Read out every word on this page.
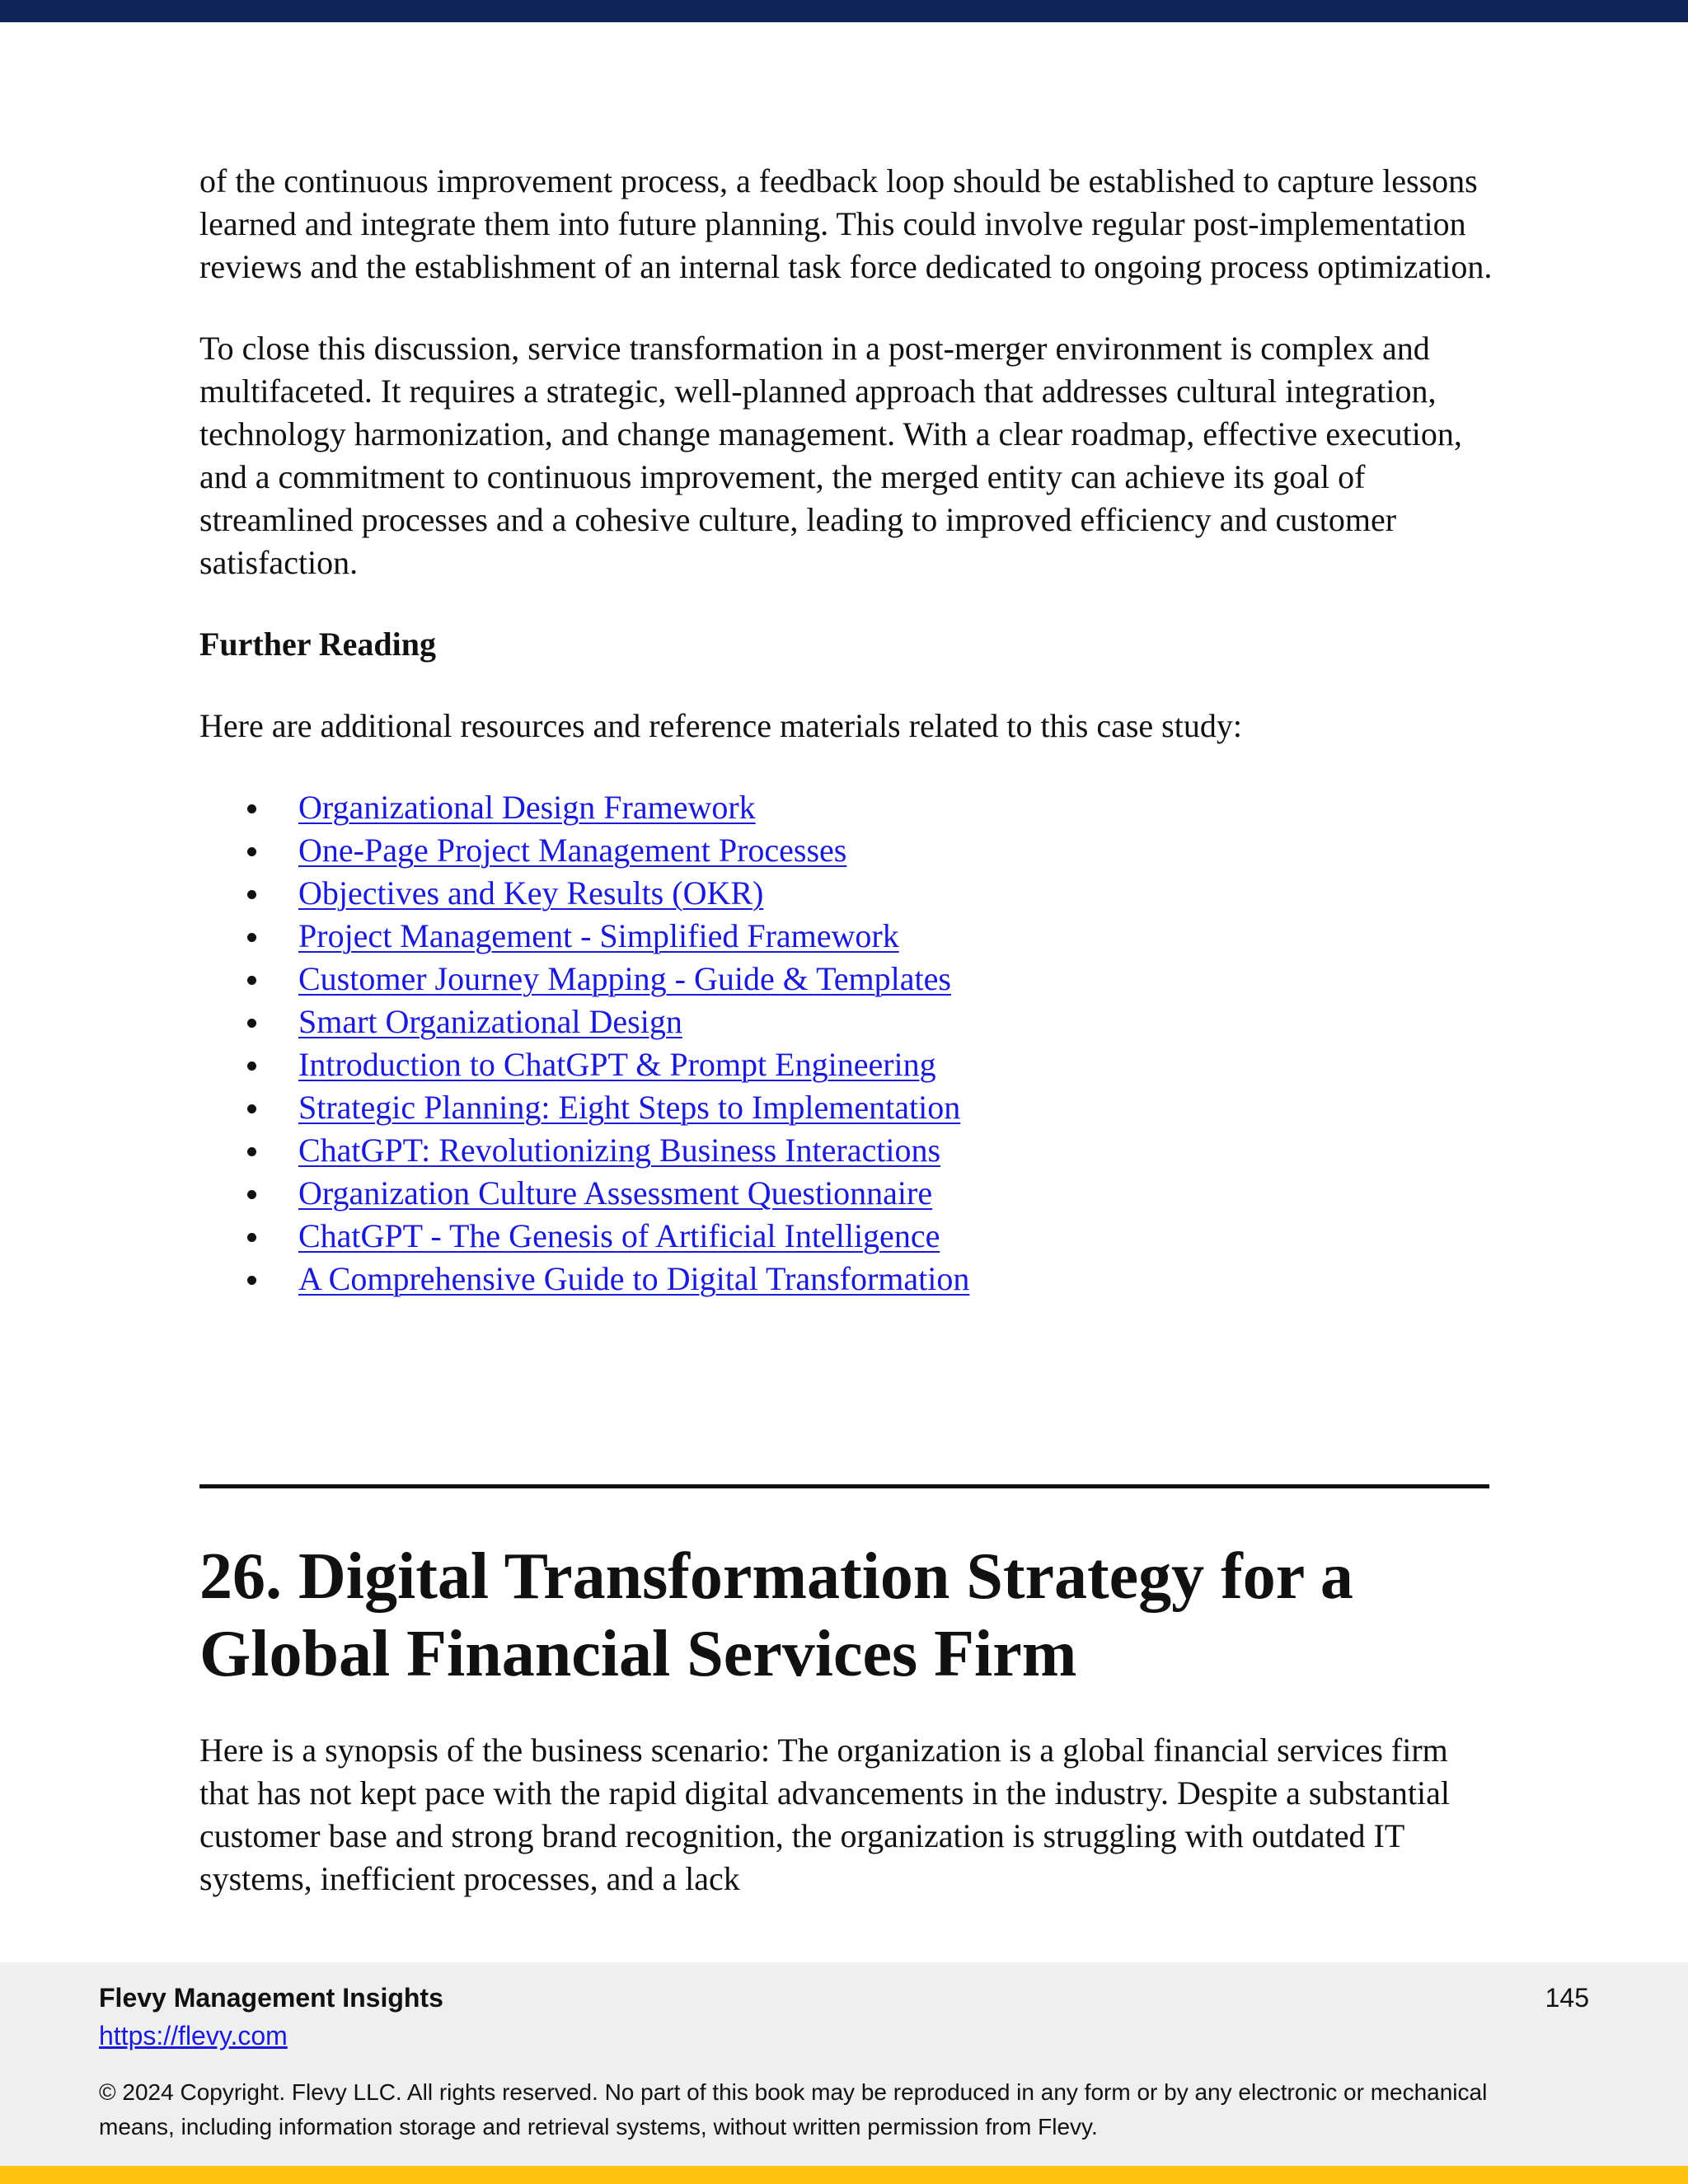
of the continuous improvement process, a feedback loop should be established to capture lessons learned and integrate them into future planning. This could involve regular post-implementation reviews and the establishment of an internal task force dedicated to ongoing process optimization.

To close this discussion, service transformation in a post-merger environment is complex and multifaceted. It requires a strategic, well-planned approach that addresses cultural integration, technology harmonization, and change management. With a clear roadmap, effective execution, and a commitment to continuous improvement, the merged entity can achieve its goal of streamlined processes and a cohesive culture, leading to improved efficiency and customer satisfaction.

Further Reading

Here are additional resources and reference materials related to this case study:

Organizational Design Framework
One-Page Project Management Processes
Objectives and Key Results (OKR)
Project Management - Simplified Framework
Customer Journey Mapping - Guide & Templates
Smart Organizational Design
Introduction to ChatGPT & Prompt Engineering
Strategic Planning: Eight Steps to Implementation
ChatGPT: Revolutionizing Business Interactions
Organization Culture Assessment Questionnaire
ChatGPT - The Genesis of Artificial Intelligence
A Comprehensive Guide to Digital Transformation
26. Digital Transformation Strategy for a
Global Financial Services Firm

Here is a synopsis of the business scenario: The organization is a global financial services firm that has not kept pace with the rapid digital advancements in the industry. Despite a substantial customer base and strong brand recognition, the organization is struggling with outdated IT systems, inefficient processes, and a lack

Flevy Management Insights
https://flevy.com
145
© 2024 Copyright. Flevy LLC. All rights reserved. No part of this book may be reproduced in any form or by any electronic or mechanical means, including information storage and retrieval systems, without written permission from Flevy.
